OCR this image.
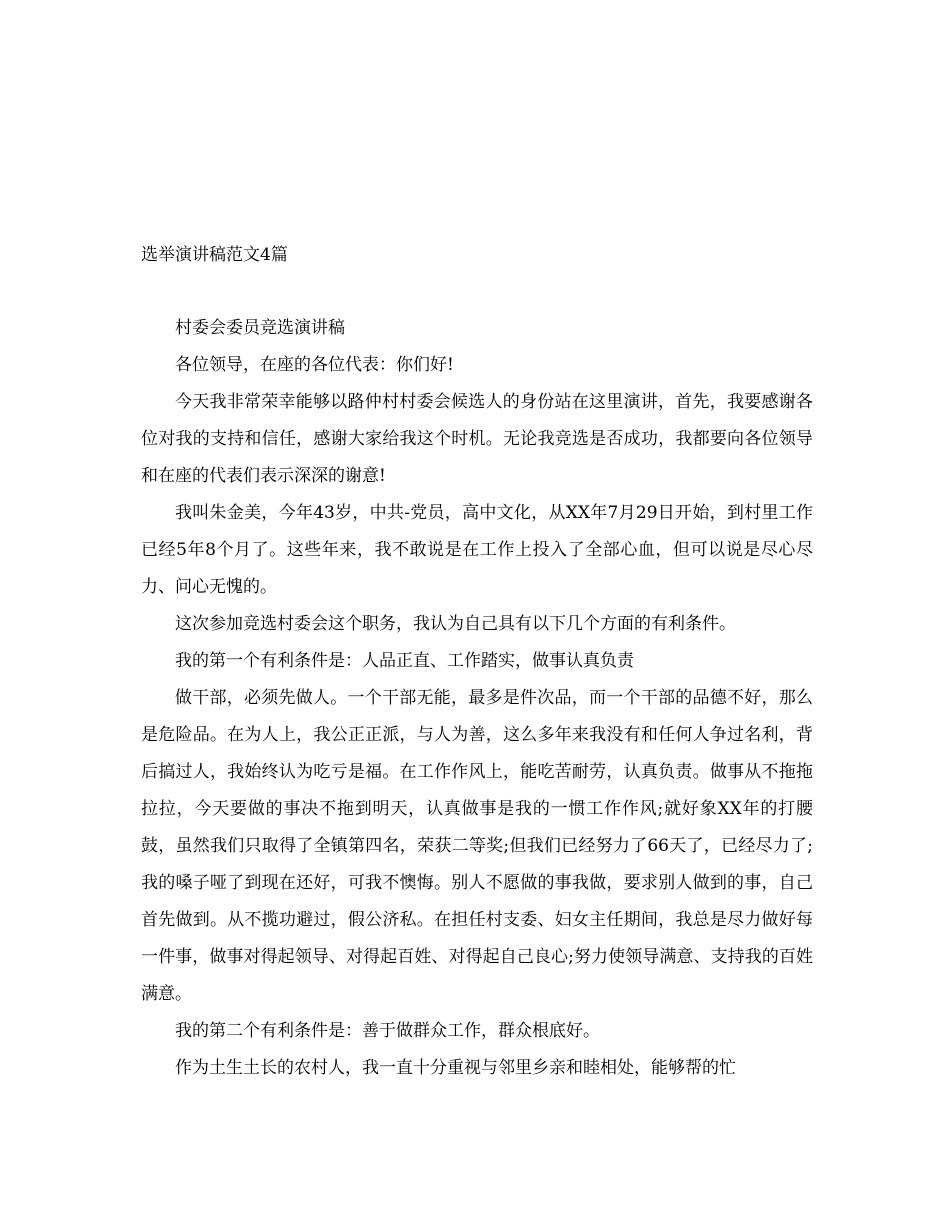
选举演讲稿范文4篇

村委会委员竞选演讲稿

各位领导，在座的各位代表：你们好!

今天我非常荣幸能够以路仲村村委会候选人的身份站在这里演讲，首先，我要感谢各位对我的支持和信任，感谢大家给我这个时机。无论我竞选是否成功，我都要向各位领导和在座的代表们表示深深的谢意!

我叫朱金美，今年43岁，中共-党员，高中文化，从XX年7月29日开始，到村里工作已经5年8个月了。这些年来，我不敢说是在工作上投入了全部心血，但可以说是尽心尽力、问心无愧的。

这次参加竞选村委会这个职务，我认为自己具有以下几个方面的有利条件。

我的第一个有利条件是：人品正直、工作踏实，做事认真负责

做干部，必须先做人。一个干部无能，最多是件次品，而一个干部的品德不好，那么是危险品。在为人上，我公正正派，与人为善，这么多年来我没有和任何人争过名利，背后搞过人，我始终认为吃亏是福。在工作作风上，能吃苦耐劳，认真负责。做事从不拖拖拉拉，今天要做的事决不拖到明天，认真做事是我的一惯工作作风;就好象XX年的打腰鼓，虽然我们只取得了全镇第四名，荣获二等奖;但我们已经努力了66天了，已经尽力了;我的嗓子哑了到现在还好，可我不懊悔。别人不愿做的事我做，要求别人做到的事，自己首先做到。从不揽功避过，假公济私。在担任村支委、妇女主任期间，我总是尽力做好每一件事，做事对得起领导、对得起百姓、对得起自己良心;努力使领导满意、支持我的百姓满意。

我的第二个有利条件是：善于做群众工作，群众根底好。

作为土生土长的农村人，我一直十分重视与邻里乡亲和睦相处，能够帮的忙
